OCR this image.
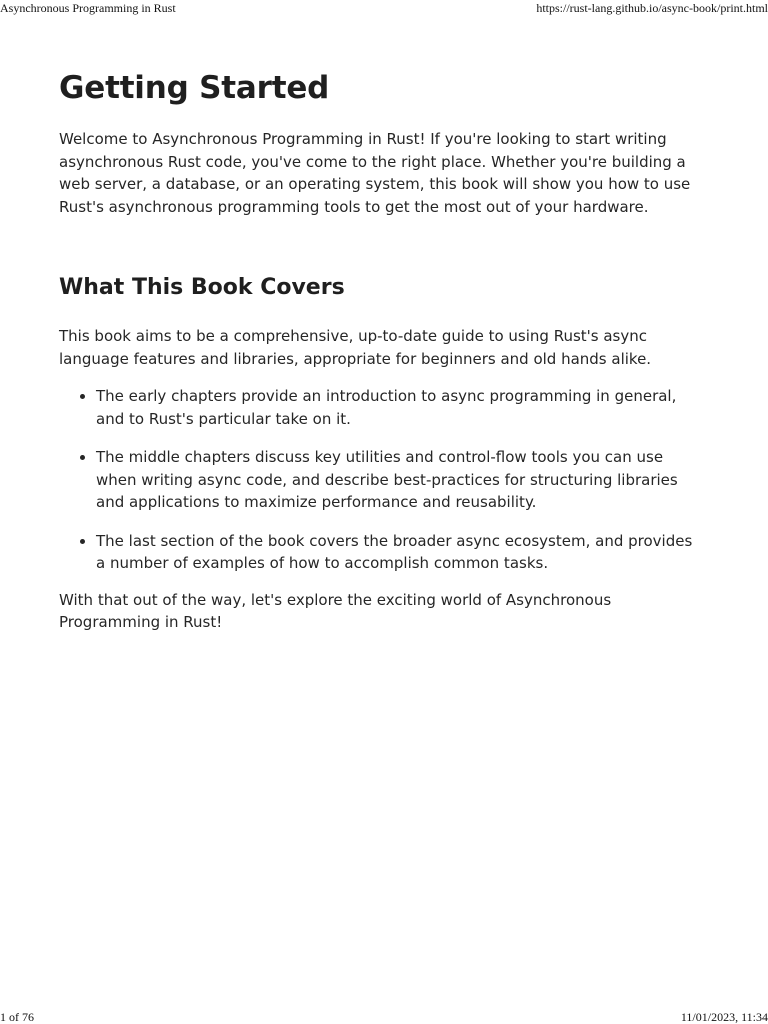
Asynchronous Programming in Rust	https://rust-lang.github.io/async-book/print.html
Getting Started

Welcome to Asynchronous Programming in Rust! If you're looking to start writing asynchronous Rust code, you've come to the right place. Whether you're building a web server, a database, or an operating system, this book will show you how to use Rust's asynchronous programming tools to get the most out of your hardware.

What This Book Covers

This book aims to be a comprehensive, up-to-date guide to using Rust's async language features and libraries, appropriate for beginners and old hands alike.

• The early chapters provide an introduction to async programming in general, and to Rust's particular take on it.
• The middle chapters discuss key utilities and control-flow tools you can use when writing async code, and describe best-practices for structuring libraries and applications to maximize performance and reusability.
• The last section of the book covers the broader async ecosystem, and provides a number of examples of how to accomplish common tasks.

With that out of the way, let's explore the exciting world of Asynchronous Programming in Rust!

1 of 76	11/01/2023, 11:34
